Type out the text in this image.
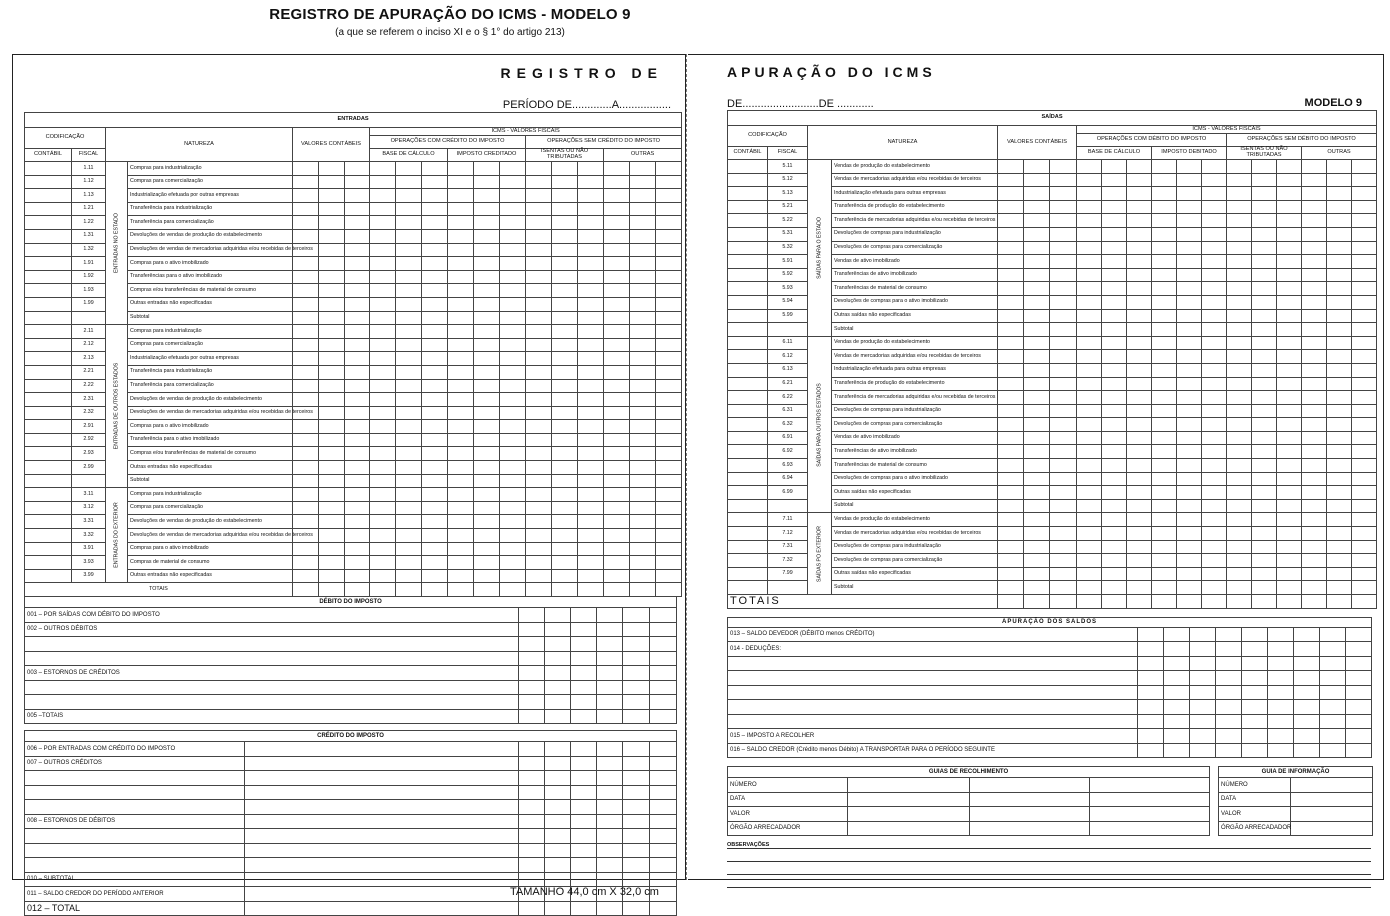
REGISTRO DE APURAÇÃO DO ICMS - MODELO 9
(a que se referem o inciso XI e o § 1° do artigo 213)
REGISTRO DE
PERÍODO DE.............A.................
ENTRADAS																		
CODIFICAÇÃO		NATUREZA		VALORES CONTÁBEIS			ICMS - VALORES FISCAIS											
							OPERAÇÕES COM CRÉDITO DO IMPOSTO						OPERAÇÕES SEM CRÉDITO DO IMPOSTO					
CONTÁBIL	FISCAL						BASE DE CÁLCULO			IMPOSTO CREDITADO			ISENTAS OU NÃO TRIBUTADAS			OUTRAS		
	1.11	ENTRADAS NO ESTADO	Compras para industrialização															
	1.12		Compras para comercialização															
	1.13		Industrialização efetuada por outras empresas															
	1.21		Transferência para industrialização															
	1.22		Transferência para comercialização															
	1.31		Devoluções de vendas de produção do estabelecimento															
	1.32		Devoluções de vendas de mercadorias adquiridas e/ou recebidas de terceiros															
	1.91		Compras para o ativo imobilizado															
	1.92		Transferências para o ativo imobilizado															
	1.93		Compras e/ou transferências de material de consumo															
	1.99		Outras entradas não especificadas															
			Subtotal															
	2.11	ENTRADAS DE OUTROS ESTADOS	Compras para industrialização															
	2.12		Compras para comercialização															
	2.13		Industrialização efetuada por outras empresas															
	2.21		Transferência para industrialização															
	2.22		Transferência para comercialização															
	2.31		Devoluções de vendas de produção do estabelecimento															
	2.32		Devoluções de vendas de mercadorias adquiridas e/ou recebidas de terceiros															
	2.91		Compras para o ativo imobilizado															
	2.92		Transferência para o ativo imobilizado															
	2.93		Compras e/ou transferências de material de consumo															
	2.99		Outras entradas não especificadas															
			Subtotal															
	3.11	ENTRADAS DO EXTERIOR	Compras para industrialização															
	3.12		Compras para comercialização															
	3.31		Devoluções de vendas de produção do estabelecimento															
	3.32		Devoluções de vendas de mercadorias adquiridas e/ou recebidas de terceiros															
	3.91		Compras para o ativo imobilizado															
	3.93		Compras de material de consumo															
	3.99		Outras entradas não especificadas															
TOTAIS																		
DÉBITO DO IMPOSTO						
001 – POR SAÍDAS COM DÉBITO DO IMPOSTO						
002 – OUTROS DÉBITOS						

003 – ESTORNOS DE CRÉDITOS						

005 –TOTAIS						
CRÉDITO DO IMPOSTO							
006 – POR ENTRADAS COM CRÉDITO DO IMPOSTO							
007 – OUTROS CRÉDITOS							

008 – ESTORNOS DE DÉBITOS							

010 – SUBTOTAL							
011 – SALDO CREDOR DO PERÍODO ANTERIOR							
012 – TOTAL							
APURAÇÃO DO ICMS
DE.........................DE ............	MODELO 9
SAÍDAS																		
CODIFICAÇÃO		NATUREZA		VALORES CONTÁBEIS			ICMS - VALORES FISCAIS											
							OPERAÇÕES COM DÉBITO DO IMPOSTO						OPERAÇÕES SEM DÉBITO DO IMPOSTO					
CONTÁBIL	FISCAL						BASE DE CÁLCULO			IMPOSTO DEBITADO			ISENTAS OU NÃO TRIBUTADAS			OUTRAS		
	5.11	SAÍDAS PARA O ESTADO	Vendas de produção do estabelecimento															
	5.12		Vendas de mercadorias adquiridas e/ou recebidas de terceiros															
	5.13		Industrialização efetuada para outras empresas															
	5.21		Transferência de produção do estabelecimento															
	5.22		Transferência de mercadorias adquiridas e/ou recebidas de terceiros															
	5.31		Devoluções de compras para industrialização															
	5.32		Devoluções de compras para comercialização															
	5.91		Vendas de ativo imobilizado															
	5.92		Transferências de ativo imobilizado															
	5.93		Transferências de material de consumo															
	5.94		Devoluções de compras para o ativo imobilizado															
	5.99		Outras saídas não especificadas															
			Subtotal															
	6.11	SAÍDAS PARA OUTROS ESTADOS	Vendas de produção do estabelecimento															
	6.12		Vendas de mercadorias adquiridas e/ou recebidas de terceiros															
	6.13		Industrialização efetuada para outras empresas															
	6.21		Transferência de produção do estabelecimento															
	6.22		Transferência de mercadorias adquiridas e/ou recebidas de terceiros															
	6.31		Devoluções de compras para industrialização															
	6.32		Devoluções de compras para comercialização															
	6.91		Vendas de ativo imobilizado															
	6.92		Transferências de ativo imobilizado															
	6.93		Transferências de material de consumo															
	6.94		Devoluções de compras para o ativo imobilizado															
	6.99		Outras saídas não especificadas															
			Subtotal															
	7.11	SAÍDAS PO EXTERIOR	Vendas de produção do estabelecimento															
	7.12		Vendas de mercadorias adquiridas e/ou recebidas de terceiros															
	7.31		Devoluções de compras para industrialização															
	7.32		Devoluções de compras para comercialização															
	7.99		Outras saídas não especificadas															
			Subtotal															
TOTAIS																		
APURAÇÃO DOS SALDOS									
013 – SALDO DEVEDOR (DÉBITO menos CRÉDITO)									
014 - DEDUÇÕES:									

015 – IMPOSTO A RECOLHER									
016 – SALDO CREDOR (Crédito menos Débito) A TRANSPORTAR PARA O PERÍODO SEGUINTE									
GUIAS DE RECOLHIMENTO			
NÚMERO			
DATA			
VALOR			
ÓRGÃO ARRECADADOR			
GUIA DE INFORMAÇÃO	
NÚMERO	
DATA	
VALOR	
ÓRGÃO ARRECADADOR	
OBSERVAÇÕES
TAMANHO 44,0 cm X 32,0 cm
